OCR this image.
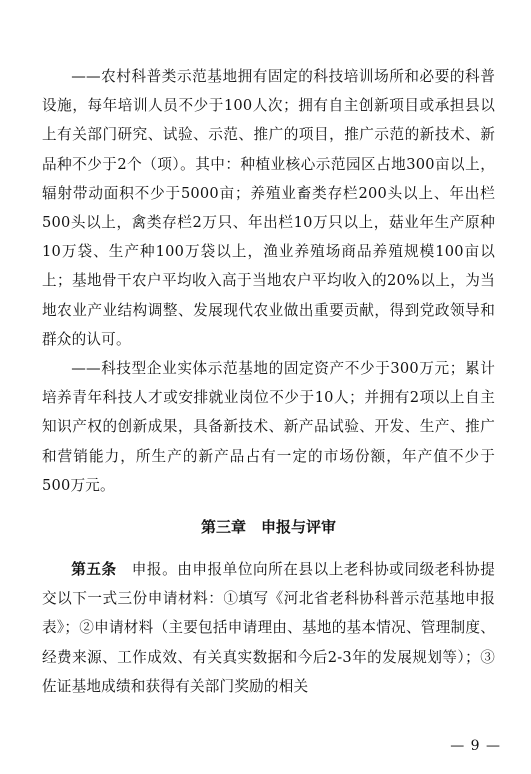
——农村科普类示范基地拥有固定的科技培训场所和必要的科普设施，每年培训人员不少于100人次；拥有自主创新项目或承担县以上有关部门研究、试验、示范、推广的项目，推广示范的新技术、新品种不少于2个（项）。其中：种植业核心示范园区占地300亩以上，辐射带动面积不少于5000亩；养殖业畜类存栏200头以上、年出栏500头以上，禽类存栏2万只、年出栏10万只以上，菇业年生产原种10万袋、生产种100万袋以上，渔业养殖场商品养殖规模100亩以上；基地骨干农户平均收入高于当地农户平均收入的20%以上，为当地农业产业结构调整、发展现代农业做出重要贡献，得到党政领导和群众的认可。

——科技型企业实体示范基地的固定资产不少于300万元；累计培养青年科技人才或安排就业岗位不少于10人；并拥有2项以上自主知识产权的创新成果，具备新技术、新产品试验、开发、生产、推广和营销能力，所生产的新产品占有一定的市场份额，年产值不少于500万元。

第三章　申报与评审

第五条　申报。由申报单位向所在县以上老科协或同级老科协提交以下一式三份申请材料：①填写《河北省老科协科普示范基地申报表》；②申请材料（主要包括申请理由、基地的基本情况、管理制度、经费来源、工作成效、有关真实数据和今后2-3年的发展规划等）；③佐证基地成绩和获得有关部门奖励的相关

— 9 —
